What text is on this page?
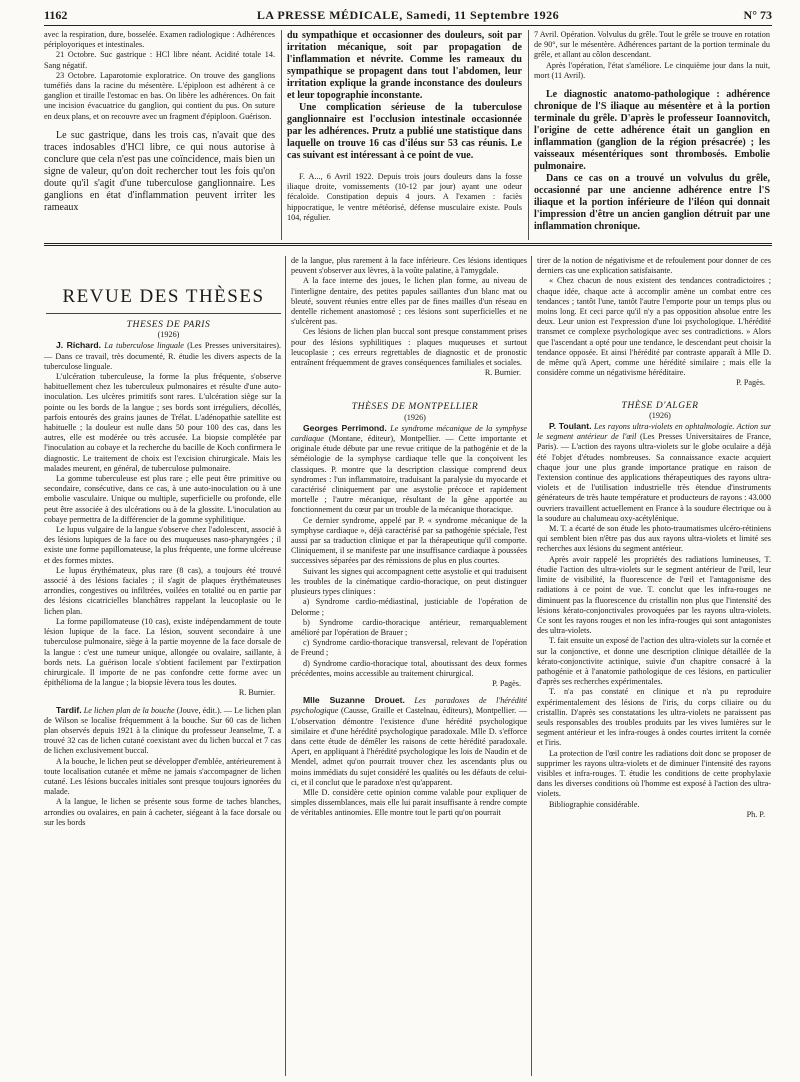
1162	LA PRESSE MÉDICALE, Samedi, 11 Septembre 1926	N° 73

avec la respiration, dure, bosselée. Examen radiologique : Adhérences périployoriques et intestinales.

21 Octobre. Suc gastrique : HCl libre néant. Acidité totale 14. Sang négatif.

23 Octobre. Laparotomie exploratrice. On trouve des ganglions tuméfiés dans la racine du mésentère. L'épiploon est adhérent à ce ganglion et tiraille l'estomac en bas. On libère les adhérences. On fait une incision évacuatrice du ganglion, qui contient du pus. On suture en deux plans, et on recouvre avec un fragment d'épiploon. Guérison.

Le suc gastrique, dans les trois cas, n'avait que des traces indosables d'HCl libre, ce qui nous autorise à conclure que cela n'est pas une coïncidence, mais bien un signe de valeur, qu'on doit rechercher tout les fois qu'on doute qu'il s'agit d'une tuberculose ganglionnaire. Les ganglions en état d'inflammation peuvent irriter les rameaux

du sympathique et occasionner des douleurs, soit par irritation mécanique, soit par propagation de l'inflammation et névrite. Comme les rameaux du sympathique se propagent dans tout l'abdomen, leur irritation explique la grande inconstance des douleurs et leur topographie inconstante.

Une complication sérieuse de la tuberculose ganglionnaire est l'occlusion intestinale occasionnée par les adhérences. Prutz a publié une statistique dans laquelle on trouve 16 cas d'iléus sur 53 cas réunis. Le cas suivant est intéressant à ce point de vue.

F. A..., 6 Avril 1922. Depuis trois jours douleurs dans la fosse iliaque droite, vomissements (10-12 par jour) ayant une odeur fécaloïde. Constipation depuis 4 jours. A l'examen : faciès hippocratique, le ventre météorisé, défense musculaire existe. Pouls 104, régulier.

7 Avril. Opération. Volvulus du grêle. Tout le grêle se trouve en rotation de 90°, sur le mésentère. Adhérences partant de la portion terminale du grêle, et allant au côlon descendant.

Après l'opération, l'état s'améliore. Le cinquième jour dans la nuit, mort (11 Avril).

Le diagnostic anatomo-pathologique : adhérence chronique de l'S iliaque au mésentère et à la portion terminale du grêle. D'après le professeur Ioannovitch, l'origine de cette adhérence était un ganglion en inflammation (ganglion de la région présacrée) ; les vaisseaux mésentériques sont thrombosés. Embolie pulmonaire.

Dans ce cas on a trouvé un volvulus du grêle, occasionné par une ancienne adhérence entre l'S iliaque et la portion inférieure de l'iléon qui donnait l'impression d'être un ancien ganglion détruit par une inflammation chronique.

REVUE DES THÈSES

THÈSES DE PARIS

(1926)

J. Richard. La tuberculose linguale (Les Presses universitaires). — Dans ce travail, très documenté, R. étudie les divers aspects de la tuberculose linguale.

L'ulcération tuberculeuse, la forme la plus fréquente, s'observe habituellement chez les tuberculeux pulmonaires et résulte d'une auto-inoculation. Les ulcères primitifs sont rares. L'ulcération siège sur la pointe ou les bords de la langue ; ses bords sont irréguliers, décollés, parfois entourés des grains jaunes de Trélat. L'adénopathie satellite est habituelle ; la douleur est nulle dans 50 pour 100 des cas, dans les autres, elle est modérée ou très accusée. La biopsie complétée par l'inoculation au cobaye et la recherche du bacille de Koch confirmera le diagnostic. Le traitement de choix est l'excision chirurgicale. Mais les malades meurent, en général, de tuberculose pulmonaire.

La gomme tuberculeuse est plus rare ; elle peut être primitive ou secondaire, consécutive, dans ce cas, à une auto-inoculation ou à une embolie vasculaire. Unique ou multiple, superficielle ou profonde, elle peut être associée à des ulcérations ou à de la glossite. L'inoculation au cobaye permettra de la différencier de la gomme syphilitique.

Le lupus vulgaire de la langue s'observe chez l'adolescent, associé à des lésions lupiques de la face ou des muqueuses naso-pharyngées ; il existe une forme papillomateuse, la plus fréquente, une forme ulcéreuse et des formes mixtes.

Le lupus érythémateux, plus rare (8 cas), a toujours été trouvé associé à des lésions faciales ; il s'agit de plaques érythémateuses arrondies, congestives ou infiltrées, voilées en totalité ou en partie par des lésions cicatricielles blanchâtres rappelant la leucoplasie ou le lichen plan.

La forme papillomateuse (10 cas), existe indépendamment de toute lésion lupique de la face. La lésion, souvent secondaire à une tuberculose pulmonaire, siège à la partie moyenne de la face dorsale de la langue : c'est une tumeur unique, allongée ou ovalaire, saillante, à bords nets. La guérison locale s'obtient facilement par l'extirpation chirurgicale. Il importe de ne pas confondre cette forme avec un épithélioma de la langue ; la biopsie lèvera tous les doutes.

R. Burnier.

Tardif. Le lichen plan de la bouche (Jouve, édit.). — Le lichen plan de Wilson se localise fréquemment à la bouche. Sur 60 cas de lichen plan observés depuis 1921 à la clinique du professeur Jeanselme, T. a trouvé 32 cas de lichen cutané coexistant avec du lichen buccal et 7 cas de lichen exclusivement buccal.

A la bouche, le lichen peut se développer d'emblée, antérieurement à toute localisation cutanée et même ne jamais s'accompagner de lichen cutané. Les lésions buccales initiales sont presque toujours ignorées du malade.

A la langue, le lichen se présente sous forme de taches blanches, arrondies ou ovalaires, en pain à cacheter, siégeant à la face dorsale ou sur les bords

de la langue, plus rarement à la face inférieure. Ces lésions identiques peuvent s'observer aux lèvres, à la voûte palatine, à l'amygdale.

A la face interne des joues, le lichen plan forme, au niveau de l'interligne dentaire, des petites papules saillantes d'un blanc mat ou bleuté, souvent réunies entre elles par de fines mailles d'un réseau en dentelle richement anastomosé ; ces lésions sont superficielles et ne s'ulcèrent pas.

Ces lésions de lichen plan buccal sont presque constamment prises pour des lésions syphilitiques : plaques muqueuses et surtout leucoplasie ; ces erreurs regrettables de diagnostic et de pronostic entraînent fréquemment de graves conséquences familiales et sociales.

R. Burnier.

THÈSES DE MONTPELLIER

(1926)

Georges Perrimond. Le syndrome mécanique de la symphyse cardiaque (Montane, éditeur), Montpellier. — Cette importante et originale étude débute par une revue critique de la pathogénie et de la séméiologie de la symphyse cardiaque telle que la conçoivent les classiques. P. montre que la description classique comprend deux syndromes : l'un inflammatoire, traduisant la paralysie du myocarde et caractérisé cliniquement par une asystolie précoce et rapidement mortelle ; l'autre mécanique, résultant de la gêne apportée au fonctionnement du cœur par un trouble de la mécanique thoracique.

Ce dernier syndrome, appelé par P. « syndrome mécanique de la symphyse cardiaque », déjà caractérisé par sa pathogénie spéciale, l'est aussi par sa traduction clinique et par la thérapeutique qu'il comporte. Cliniquement, il se manifeste par une insuffisance cardiaque à poussées successives séparées par des rémissions de plus en plus courtes.

Suivant les signes qui accompagnent cette asystolie et qui traduisent les troubles de la cinématique cardio-thoracique, on peut distinguer plusieurs types cliniques :

a) Syndrome cardio-médiastinal, justiciable de l'opération de Delorme ;

b) Syndrome cardio-thoracique antérieur, remarquablement amélioré par l'opération de Brauer ;

c) Syndrome cardio-thoracique transversal, relevant de l'opération de Freund ;

d) Syndrome cardio-thoracique total, aboutissant des deux formes précédentes, moins accessible au traitement chirurgical.

P. Pagès.

Mlle Suzanne Drouet. Les paradoxes de l'hérédité psychologique (Causse, Graille et Castelnau, éditeurs), Montpellier. — L'observation démontre l'existence d'une hérédité psychologique similaire et d'une hérédité psychologique paradoxale. Mlle D. s'efforce dans cette étude de démêler les raisons de cette hérédité paradoxale. Apert, en appliquant à l'hérédité psychologique les lois de Naudin et de Mendel, admet qu'on pourrait trouver chez les ascendants plus ou moins immédiats du sujet considéré les qualités ou les défauts de celui-ci, et il conclut que le paradoxe n'est qu'apparent.

Mlle D. considère cette opinion comme valable pour expliquer de simples dissemblances, mais elle lui parait insuffisante à rendre compte de véritables antinomies. Elle montre tout le parti qu'on pourrait

tirer de la notion de négativisme et de refoulement pour donner de ces derniers cas une explication satisfaisante.

« Chez chacun de nous existent des tendances contradictoires ; chaque idée, chaque acte à accomplir amène un combat entre ces tendances ; tantôt l'une, tantôt l'autre l'emporte pour un temps plus ou moins long. Et ceci parce qu'il n'y a pas opposition absolue entre les deux. Leur union est l'expression d'une loi psychologique. L'hérédité transmet ce complexe psychologique avec ses contradictions. » Alors que l'ascendant a opté pour une tendance, le descendant peut choisir la tendance opposée. Et ainsi l'hérédité par contraste apparaît à Mlle D. de même qu'à Apert, comme une hérédité similaire ; mais elle la considère comme un négativisme héréditaire.

P. Pagès.

THÈSE D'ALGER

(1926)

P. Toulant. Les rayons ultra-violets en ophtalmologie. Action sur le segment antérieur de l'œil (Les Presses Universitaires de France, Paris). — L'action des rayons ultra-violets sur le globe oculaire a déjà été l'objet d'études nombreuses. Sa connaissance exacte acquiert chaque jour une plus grande importance pratique en raison de l'extension continue des applications thérapeutiques des rayons ultra-violets et de l'utilisation industrielle très étendue d'instruments générateurs de très haute température et producteurs de rayons : 43.000 ouvriers travaillent actuellement en France à la soudure électrique ou à la soudure au chalumeau oxy-acétylénique.

M. T. a écarté de son étude les photo-traumatismes ulcéro-rétiniens qui semblent bien n'être pas dus aux rayons ultra-violets et limité ses recherches aux lésions du segment antérieur.

Après avoir rappelé les propriétés des radiations lumineuses, T. étudie l'action des ultra-violets sur le segment antérieur de l'œil, leur limite de visibilité, la fluorescence de l'œil et l'antagonisme des radiations à ce point de vue. T. conclut que les infra-rouges ne diminuent pas la fluorescence du cristallin non plus que l'intensité des lésions kérato-conjonctivales provoquées par les rayons ultra-violets. Ce sont les rayons rouges et non les infra-rouges qui sont antagonistes des ultra-violets.

T. fait ensuite un exposé de l'action des ultra-violets sur la cornée et sur la conjonctive, et donne une description clinique détaillée de la kérato-conjonctivite actinique, suivie d'un chapitre consacré à la pathogénie et à l'anatomie pathologique de ces lésions, en particulier d'après ses recherches expérimentales.

T. n'a pas constaté en clinique et n'a pu reproduire expérimentalement des lésions de l'iris, du corps ciliaire ou du cristallin. D'après ses constatations les ultra-violets ne paraissent pas seuls responsables des troubles produits par les vives lumières sur le segment antérieur et les infra-rouges à ondes courtes irritent la cornée et l'iris.

La protection de l'œil contre les radiations doit donc se proposer de supprimer les rayons ultra-violets et de diminuer l'intensité des rayons visibles et infra-rouges. T. étudie les conditions de cette prophylaxie dans les diverses conditions où l'homme est exposé à l'action des ultra-violets.

Bibliographie considérable.

Ph. P.
